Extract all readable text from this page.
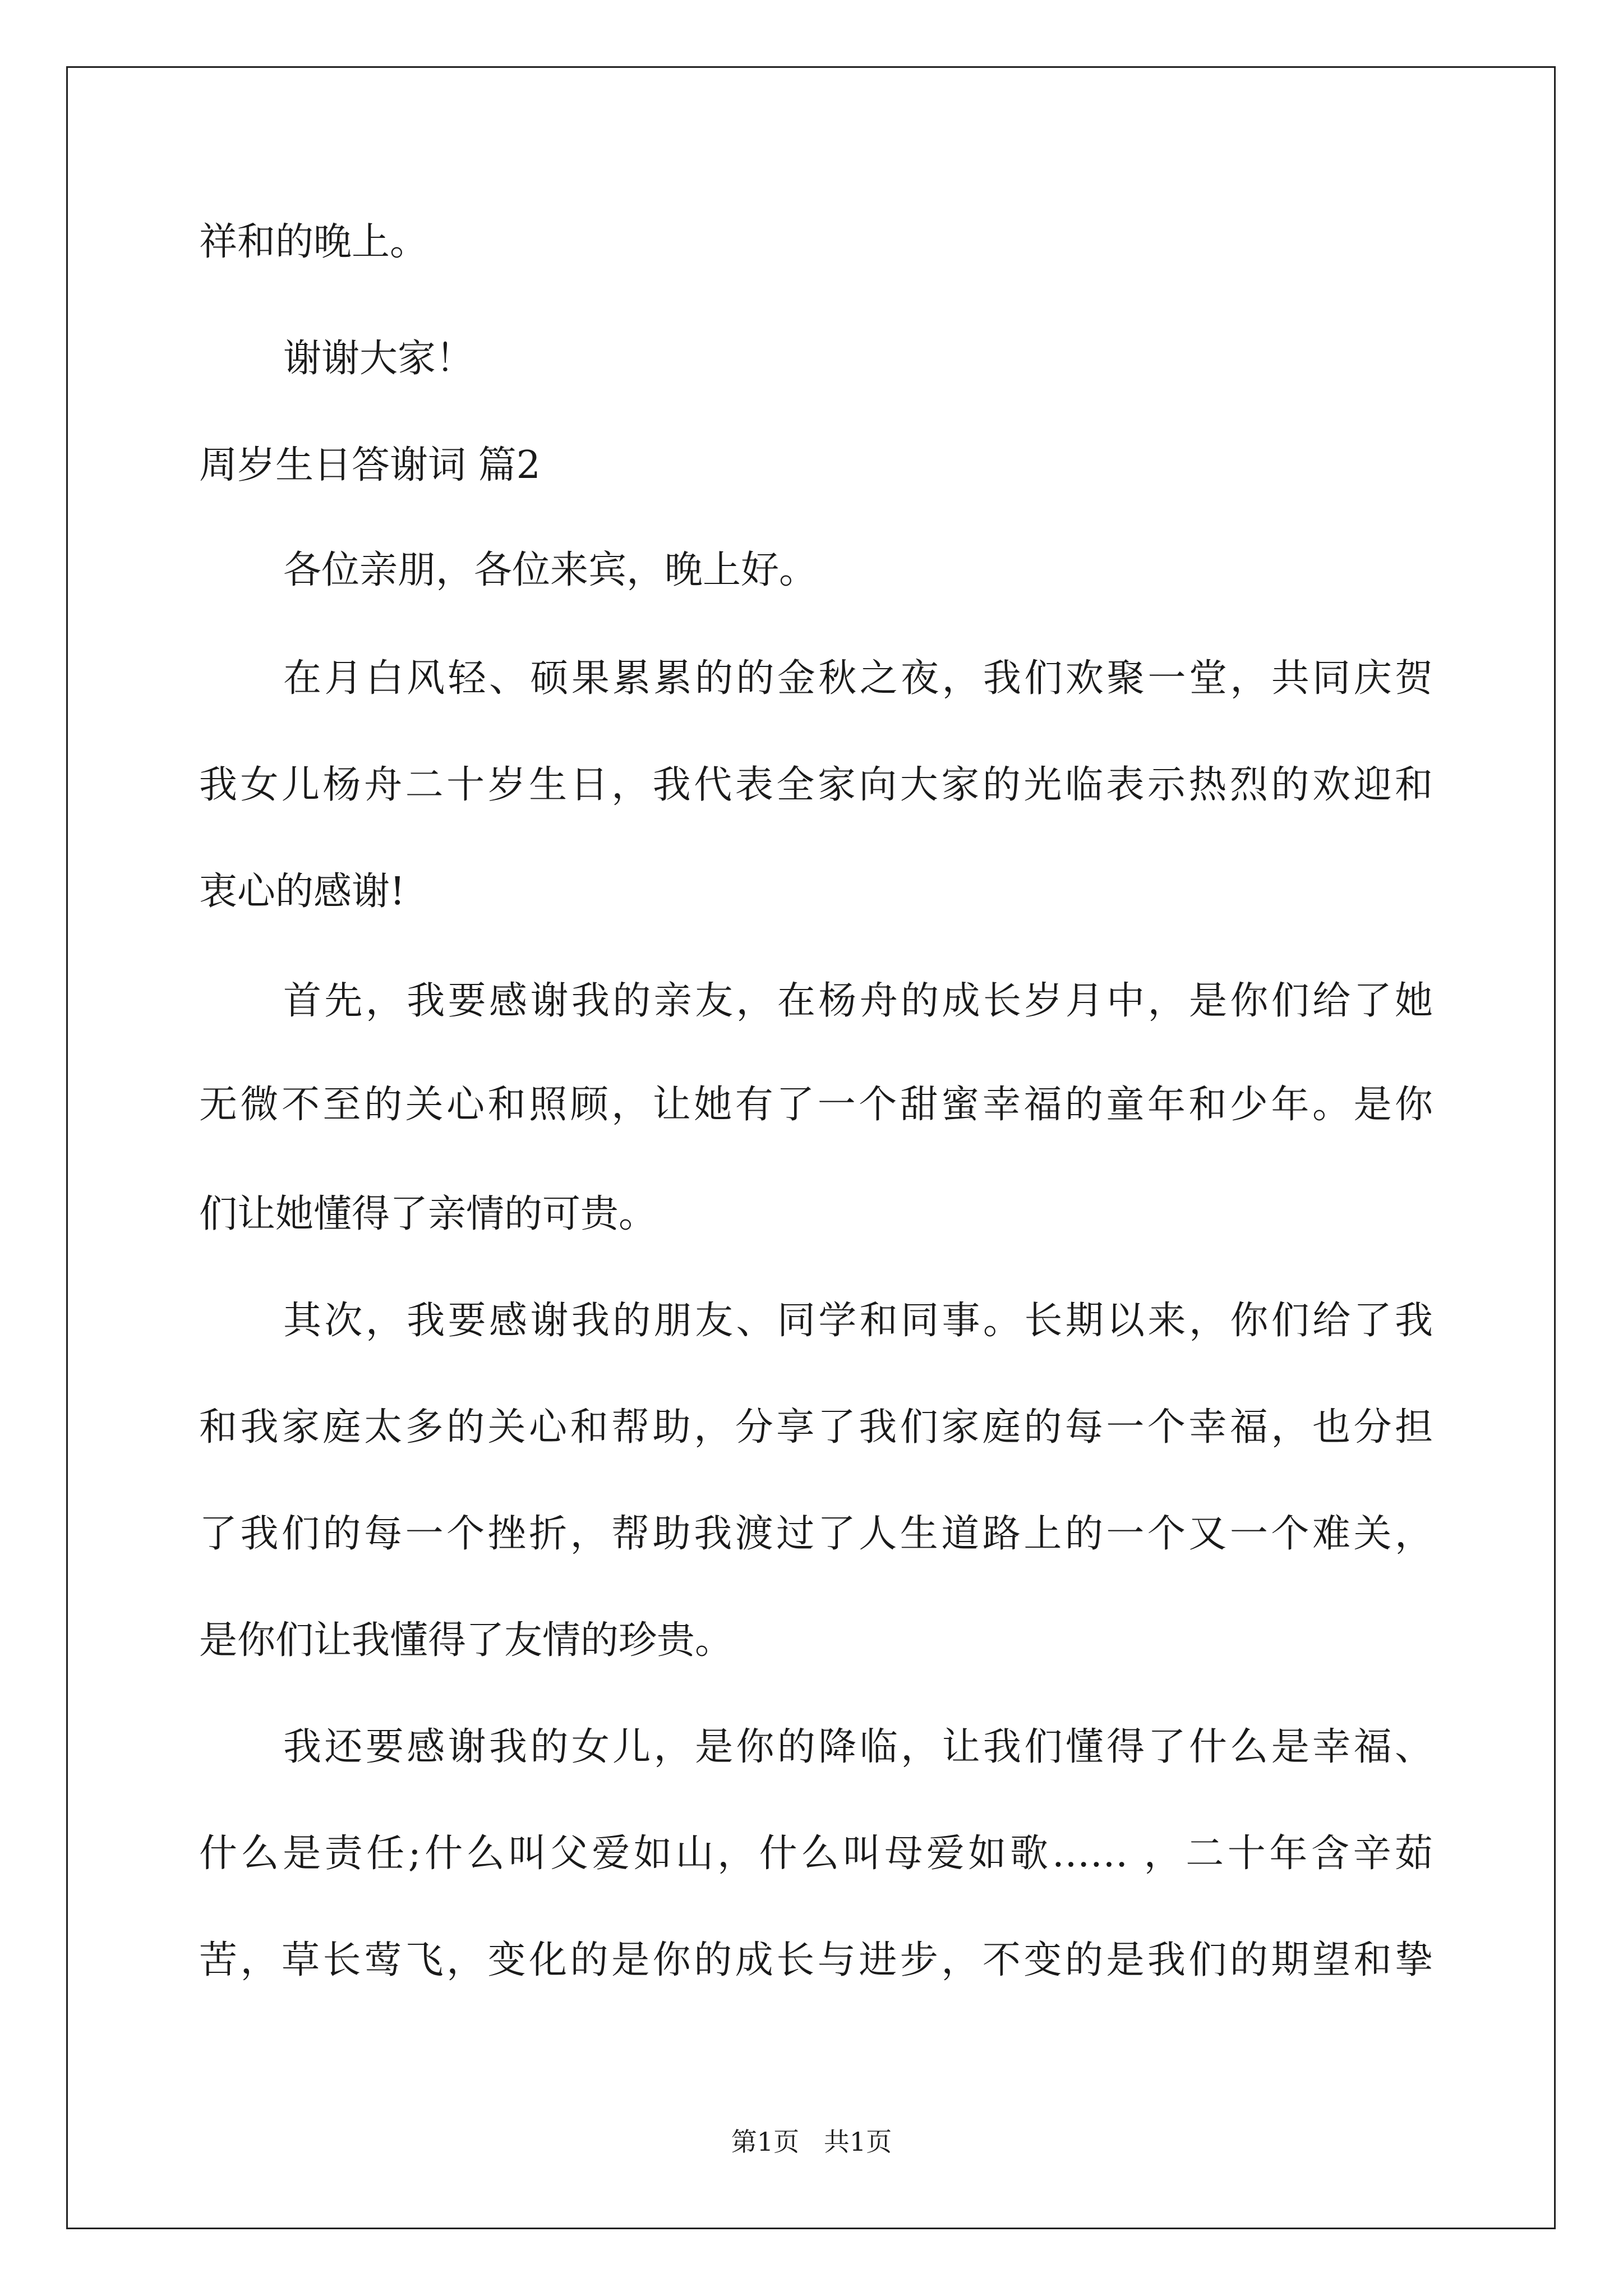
祥和的晚上。
谢谢大家！
周岁生日答谢词 篇2
各位亲朋，各位来宾，晚上好。
在月白风轻、硕果累累的的金秋之夜，我们欢聚一堂，共同庆贺
我女儿杨舟二十岁生日，我代表全家向大家的光临表示热烈的欢迎和
衷心的感谢!
首先，我要感谢我的亲友，在杨舟的成长岁月中，是你们给了她
无微不至的关心和照顾，让她有了一个甜蜜幸福的童年和少年。是你
们让她懂得了亲情的可贵。
其次，我要感谢我的朋友、同学和同事。长期以来，你们给了我
和我家庭太多的关心和帮助，分享了我们家庭的每一个幸福，也分担
了我们的每一个挫折，帮助我渡过了人生道路上的一个又一个难关，
是你们让我懂得了友情的珍贵。
我还要感谢我的女儿，是你的降临，让我们懂得了什么是幸福、
什么是责任;什么叫父爱如山，什么叫母爱如歌…… ，二十年含辛茹
苦，草长莺飞，变化的是你的成长与进步，不变的是我们的期望和挚
第1页   共1页
